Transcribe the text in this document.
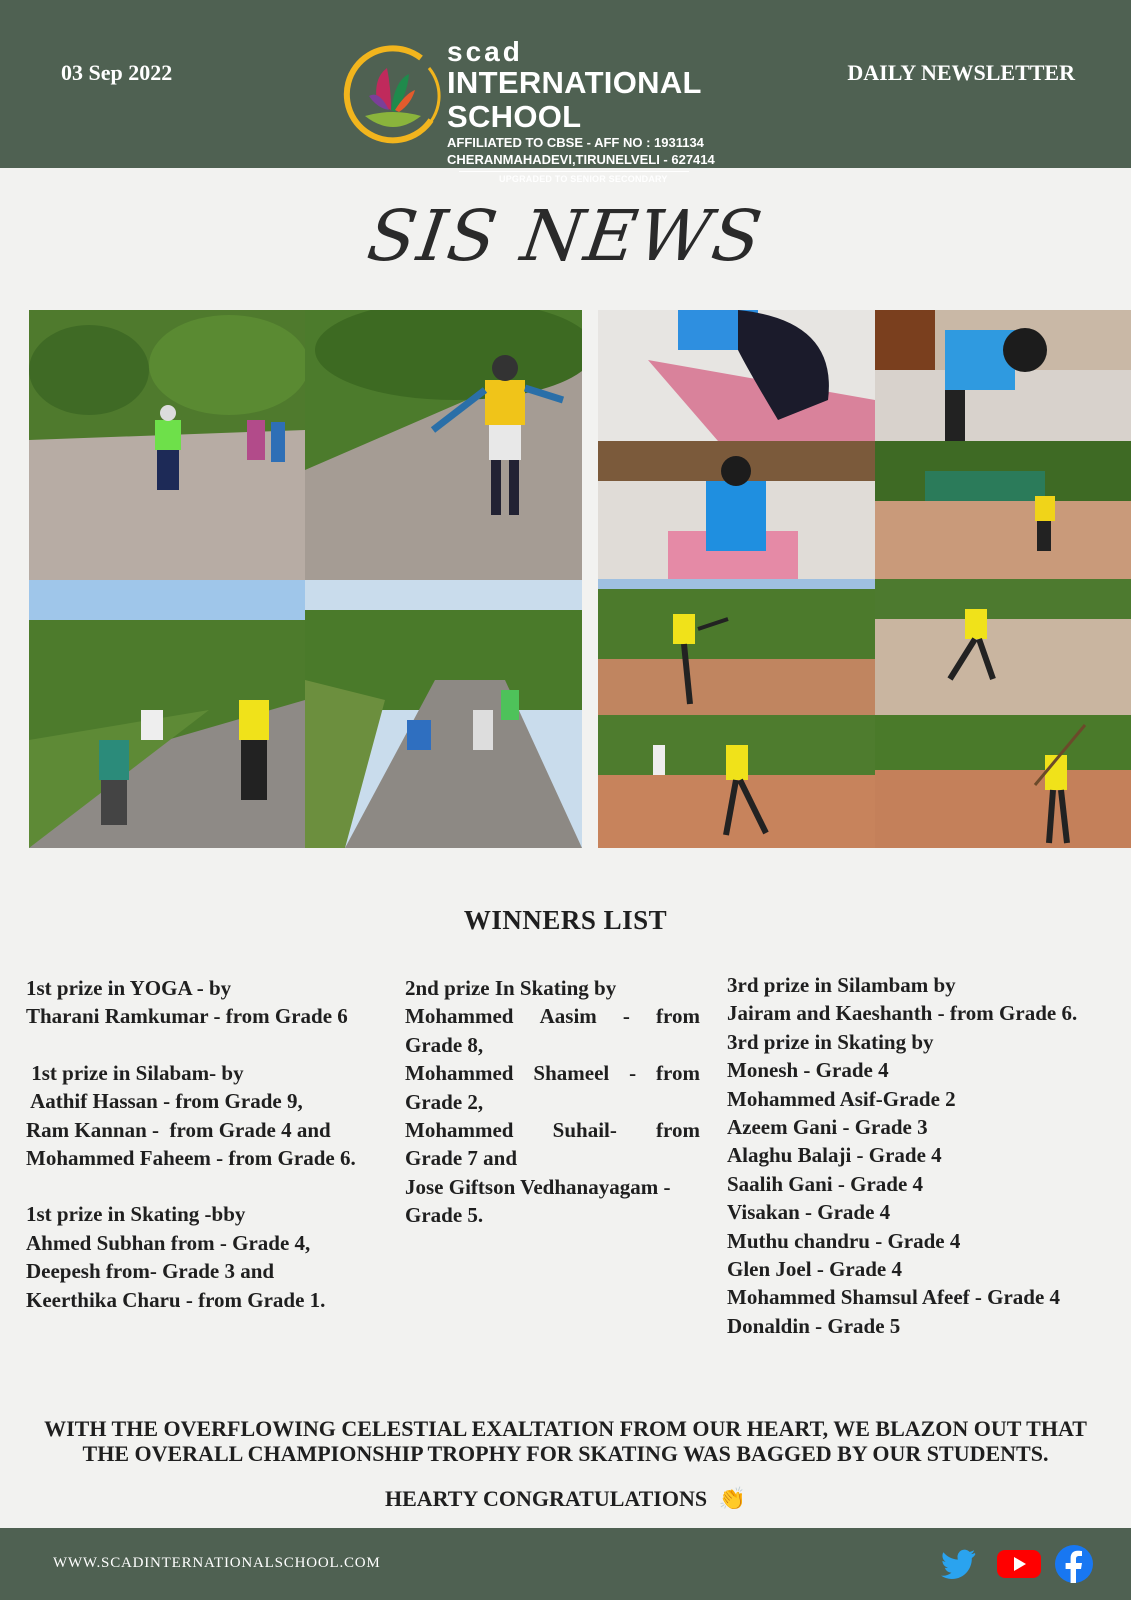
03 Sep 2022
scad
INTERNATIONAL SCHOOL
AFFILIATED TO CBSE - AFF NO : 1931134
CHERANMAHADEVI,TIRUNELVELI - 627414
UPGRADED TO SENIOR SECONDARY
DAILY NEWSLETTER
SIS NEWS
WINNERS LIST

1st prize in YOGA - by

Tharani Ramkumar - from Grade 6

1st prize in Silabam- by

Aathif Hassan - from Grade 9,

Ram Kannan -  from Grade 4 and

Mohammed Faheem - from Grade 6.

1st prize in Skating -bby

Ahmed Subhan from - Grade 4,

Deepesh from- Grade 3 and

Keerthika Charu - from Grade 1.

2nd prize In Skating by

Mohammed Aasim - from

Grade 8,

Mohammed Shameel - from

Grade 2,

Mohammed Suhail- from

Grade 7 and

Jose Giftson Vedhanayagam -

Grade 5.

3rd prize in Silambam by

Jairam and Kaeshanth - from Grade 6.

3rd prize in Skating by

Monesh - Grade 4

Mohammed Asif-Grade 2

Azeem Gani - Grade 3

Alaghu Balaji - Grade 4

Saalih Gani - Grade 4

Visakan - Grade 4

Muthu chandru - Grade 4

Glen Joel - Grade 4

Mohammed Shamsul Afeef - Grade 4

Donaldin - Grade 5

WITH THE OVERFLOWING CELESTIAL EXALTATION FROM OUR HEART, WE BLAZON OUT THAT
THE OVERALL CHAMPIONSHIP TROPHY FOR SKATING WAS BAGGED BY OUR STUDENTS.
HEARTY CONGRATULATIONS 👏
WWW.SCADINTERNATIONALSCHOOL.COM
